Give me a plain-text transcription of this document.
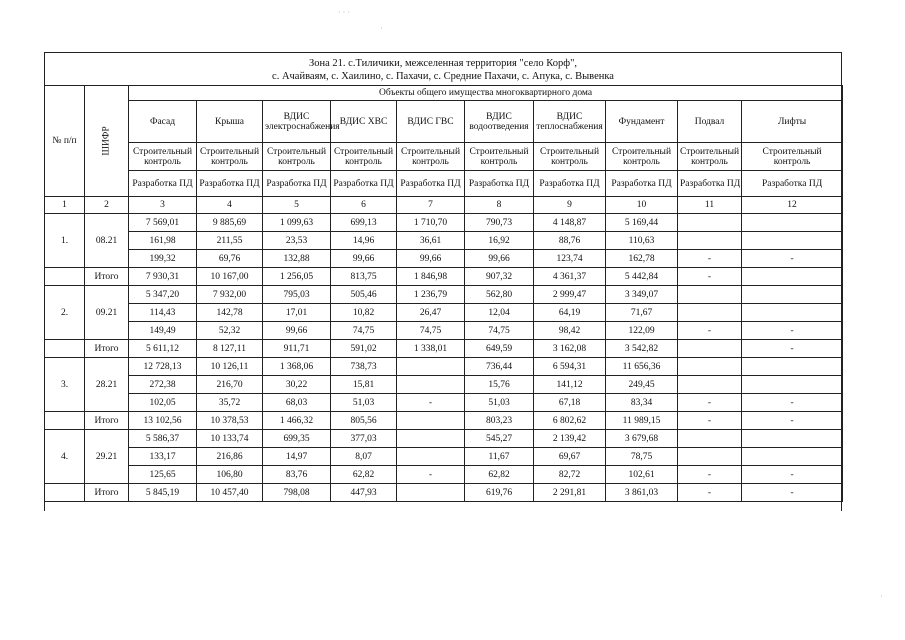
Зона 21. с.Тиличики, межселенная территория "село Корф",
с. Ачайваям, с. Хаилино, с. Пахачи, с. Средние Пахачи, с. Апука, с. Вывенка
№ п/п	ШИФР	Объекты общего имущества многоквартирного дома									
		Фасад	Крыша	ВДИС электроснабжения	ВДИС ХВС	ВДИС ГВС	ВДИС водоотведения	ВДИС теплоснабжения	Фундамент	Подвал	Лифты
		Строительный контроль	Строительный контроль	Строительный контроль	Строительный контроль	Строительный контроль	Строительный контроль	Строительный контроль	Строительный контроль	Строительный контроль	Строительный контроль
		Разработка ПД	Разработка ПД	Разработка ПД	Разработка ПД	Разработка ПД	Разработка ПД	Разработка ПД	Разработка ПД	Разработка ПД	Разработка ПД
1	2	3	4	5	6	7	8	9	10	11	12
1.	08.21	7 569,01	9 885,69	1 099,63	699,13	1 710,70	790,73	4 148,87	5 169,44		
		161,98	211,55	23,53	14,96	36,61	16,92	88,76	110,63		
		199,32	69,76	132,88	99,66	99,66	99,66	123,74	162,78	-	-
	Итого	7 930,31	10 167,00	1 256,05	813,75	1 846,98	907,32	4 361,37	5 442,84	-	
2.	09.21	5 347,20	7 932,00	795,03	505,46	1 236,79	562,80	2 999,47	3 349,07		
		114,43	142,78	17,01	10,82	26,47	12,04	64,19	71,67		
		149,49	52,32	99,66	74,75	74,75	74,75	98,42	122,09	-	-
	Итого	5 611,12	8 127,11	911,71	591,02	1 338,01	649,59	3 162,08	3 542,82		-
3.	28.21	12 728,13	10 126,11	1 368,06	738,73		736,44	6 594,31	11 656,36		
		272,38	216,70	30,22	15,81		15,76	141,12	249,45		
		102,05	35,72	68,03	51,03	-	51,03	67,18	83,34	-	-
	Итого	13 102,56	10 378,53	1 466,32	805,56		803,23	6 802,62	11 989,15	-	-
4.	29.21	5 586,37	10 133,74	699,35	377,03		545,27	2 139,42	3 679,68		
		133,17	216,86	14,97	8,07		11,67	69,67	78,75		
		125,65	106,80	83,76	62,82	-	62,82	82,72	102,61	-	-
	Итого	5 845,19	10 457,40	798,08	447,93		619,76	2 291,81	3 861,03	-	-
· · ·
·
·
